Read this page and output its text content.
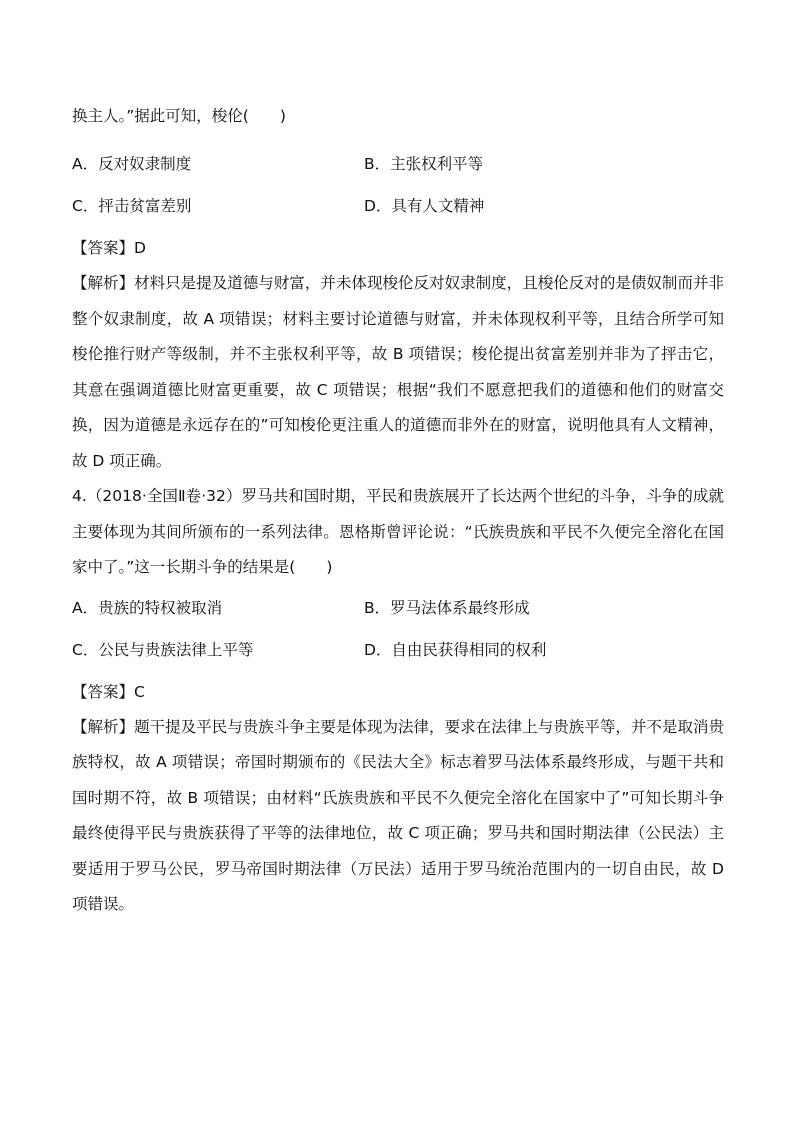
换主人。”据此可知，梭伦(　　)
A．反对奴隶制度	B．主张权利平等
C．抨击贫富差别	D．具有人文精神
【答案】D
【解析】材料只是提及道德与财富，并未体现梭伦反对奴隶制度，且梭伦反对的是债奴制而并非整个奴隶制度，故 A 项错误；材料主要讨论道德与财富，并未体现权利平等，且结合所学可知梭伦推行财产等级制，并不主张权利平等，故 B 项错误；梭伦提出贫富差别并非为了抨击它，其意在强调道德比财富更重要，故 C 项错误；根据“我们不愿意把我们的道德和他们的财富交换，因为道德是永远存在的”可知梭伦更注重人的道德而非外在的财富，说明他具有人文精神，故 D 项正确。
4.（2018·全国Ⅱ卷·32）罗马共和国时期，平民和贵族展开了长达两个世纪的斗争，斗争的成就主要体现为其间所颁布的一系列法律。恩格斯曾评论说：“氏族贵族和平民不久便完全溶化在国家中了。”这一长期斗争的结果是(　　)
A．贵族的特权被取消	B．罗马法体系最终形成
C．公民与贵族法律上平等	D．自由民获得相同的权利
【答案】C
【解析】题干提及平民与贵族斗争主要是体现为法律，要求在法律上与贵族平等，并不是取消贵族特权，故 A 项错误；帝国时期颁布的《民法大全》标志着罗马法体系最终形成，与题干共和国时期不符，故 B 项错误；由材料“氏族贵族和平民不久便完全溶化在国家中了”可知长期斗争最终使得平民与贵族获得了平等的法律地位，故 C 项正确；罗马共和国时期法律（公民法）主要适用于罗马公民，罗马帝国时期法律（万民法）适用于罗马统治范围内的一切自由民，故 D 项错误。
